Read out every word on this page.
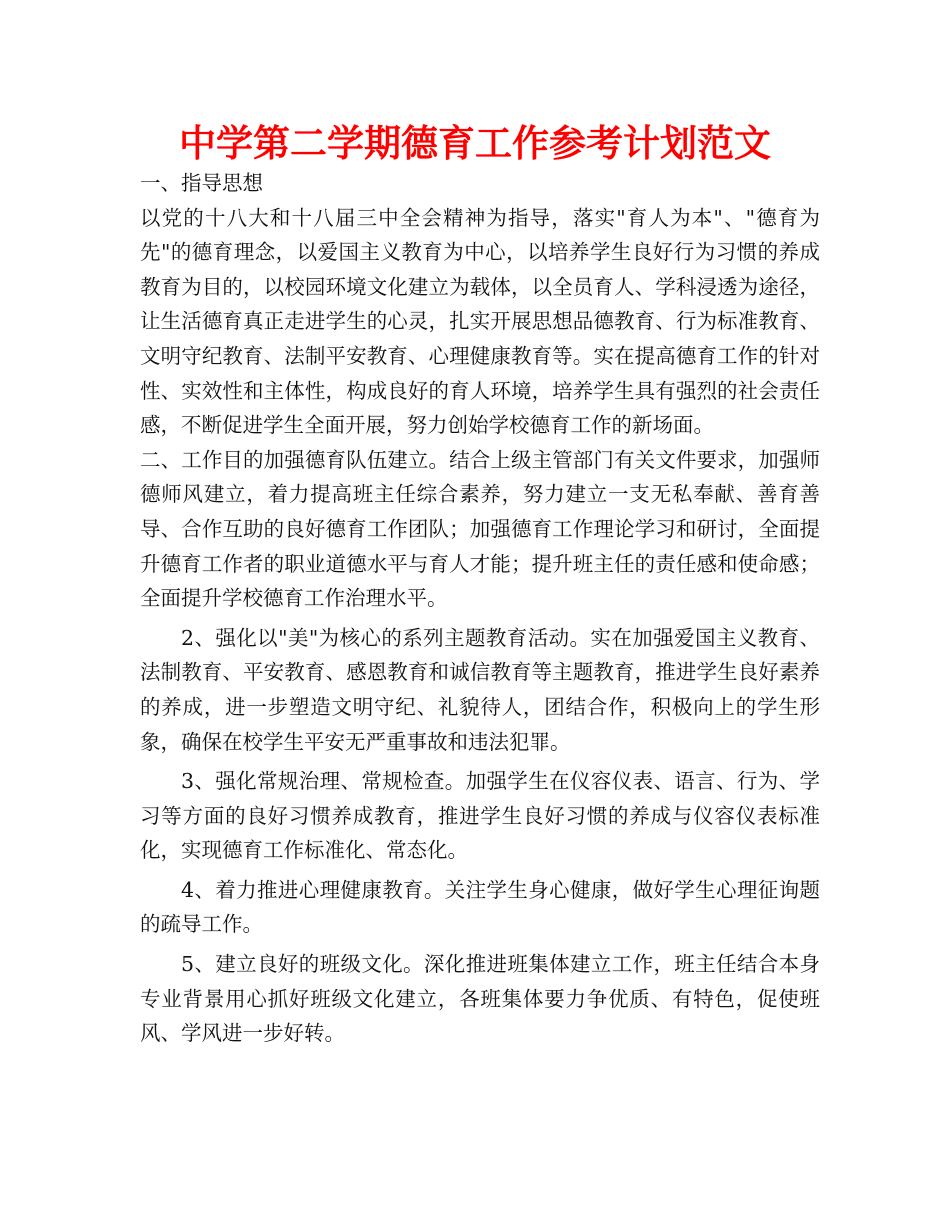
中学第二学期德育工作参考计划范文

一、指导思想

以党的十八大和十八届三中全会精神为指导，落实"育人为本"、"德育为先"的德育理念，以爱国主义教育为中心，以培养学生良好行为习惯的养成教育为目的，以校园环境文化建立为载体，以全员育人、学科浸透为途径，让生活德育真正走进学生的心灵，扎实开展思想品德教育、行为标准教育、文明守纪教育、法制平安教育、心理健康教育等。实在提高德育工作的针对性、实效性和主体性，构成良好的育人环境，培养学生具有强烈的社会责任感，不断促进学生全面开展，努力创始学校德育工作的新场面。

二、工作目的加强德育队伍建立。结合上级主管部门有关文件要求，加强师德师风建立，着力提高班主任综合素养，努力建立一支无私奉献、善育善导、合作互助的良好德育工作团队；加强德育工作理论学习和研讨，全面提升德育工作者的职业道德水平与育人才能；提升班主任的责任感和使命感；全面提升学校德育工作治理水平。

2、强化以"美"为核心的系列主题教育活动。实在加强爱国主义教育、法制教育、平安教育、感恩教育和诚信教育等主题教育，推进学生良好素养的养成，进一步塑造文明守纪、礼貌待人，团结合作，积极向上的学生形象，确保在校学生平安无严重事故和违法犯罪。

3、强化常规治理、常规检查。加强学生在仪容仪表、语言、行为、学习等方面的良好习惯养成教育，推进学生良好习惯的养成与仪容仪表标准化，实现德育工作标准化、常态化。

4、着力推进心理健康教育。关注学生身心健康，做好学生心理征询题的疏导工作。

5、建立良好的班级文化。深化推进班集体建立工作，班主任结合本身专业背景用心抓好班级文化建立，各班集体要力争优质、有特色，促使班风、学风进一步好转。
